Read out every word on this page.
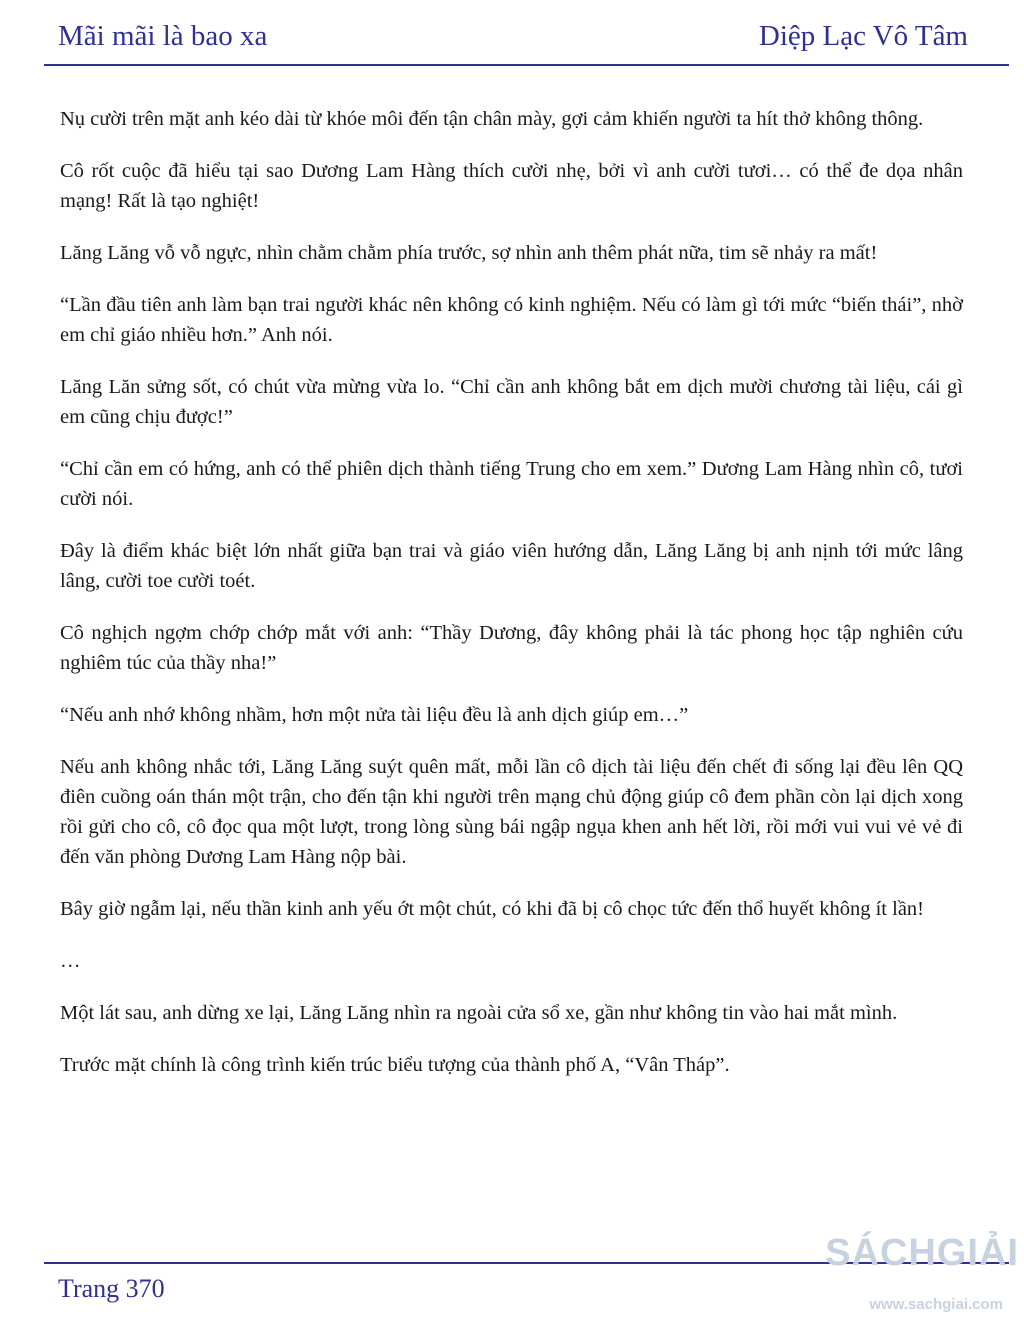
Mãi mãi là bao xa	Diệp Lạc Vô Tâm

Nụ cười trên mặt anh kéo dài từ khóe môi đến tận chân mày, gợi cảm khiến người ta hít thở không thông.

Cô rốt cuộc đã hiểu tại sao Dương Lam Hàng thích cười nhẹ, bởi vì anh cười tươi… có thể đe dọa nhân mạng! Rất là tạo nghiệt!

Lăng Lăng vỗ vỗ ngực, nhìn chằm chằm phía trước, sợ nhìn anh thêm phát nữa, tim sẽ nhảy ra mất!

“Lần đầu tiên anh làm bạn trai người khác nên không có kinh nghiệm. Nếu có làm gì tới mức “biến thái”, nhờ em chỉ giáo nhiều hơn.” Anh nói.

Lăng Lăn sửng sốt, có chút vừa mừng vừa lo. “Chỉ cần anh không bắt em dịch mười chương tài liệu, cái gì em cũng chịu được!”

“Chỉ cần em có hứng, anh có thể phiên dịch thành tiếng Trung cho em xem.” Dương Lam Hàng nhìn cô, tươi cười nói.

Đây là điểm khác biệt lớn nhất giữa bạn trai và giáo viên hướng dẫn, Lăng Lăng bị anh nịnh tới mức lâng lâng, cười toe cười toét.

Cô nghịch ngợm chớp chớp mắt với anh: “Thầy Dương, đây không phải là tác phong học tập nghiên cứu nghiêm túc của thầy nha!”

“Nếu anh nhớ không nhầm, hơn một nửa tài liệu đều là anh dịch giúp em…”

Nếu anh không nhắc tới, Lăng Lăng suýt quên mất, mỗi lần cô dịch tài liệu đến chết đi sống lại đều lên QQ điên cuồng oán thán một trận, cho đến tận khi người trên mạng chủ động giúp cô đem phần còn lại dịch xong rồi gửi cho cô, cô đọc qua một lượt, trong lòng sùng bái ngập ngụa khen anh hết lời, rồi mới vui vui vẻ vẻ đi đến văn phòng Dương Lam Hàng nộp bài.

Bây giờ ngẫm lại, nếu thần kinh anh yếu ớt một chút, có khi đã bị cô chọc tức đến thổ huyết không ít lần!

…

Một lát sau, anh dừng xe lại, Lăng Lăng nhìn ra ngoài cửa sổ xe, gần như không tin vào hai mắt mình.

Trước mặt chính là công trình kiến trúc biểu tượng của thành phố A, “Vân Tháp”.

Trang 370
SÁCHGIẢI
www.sachgiai.com
